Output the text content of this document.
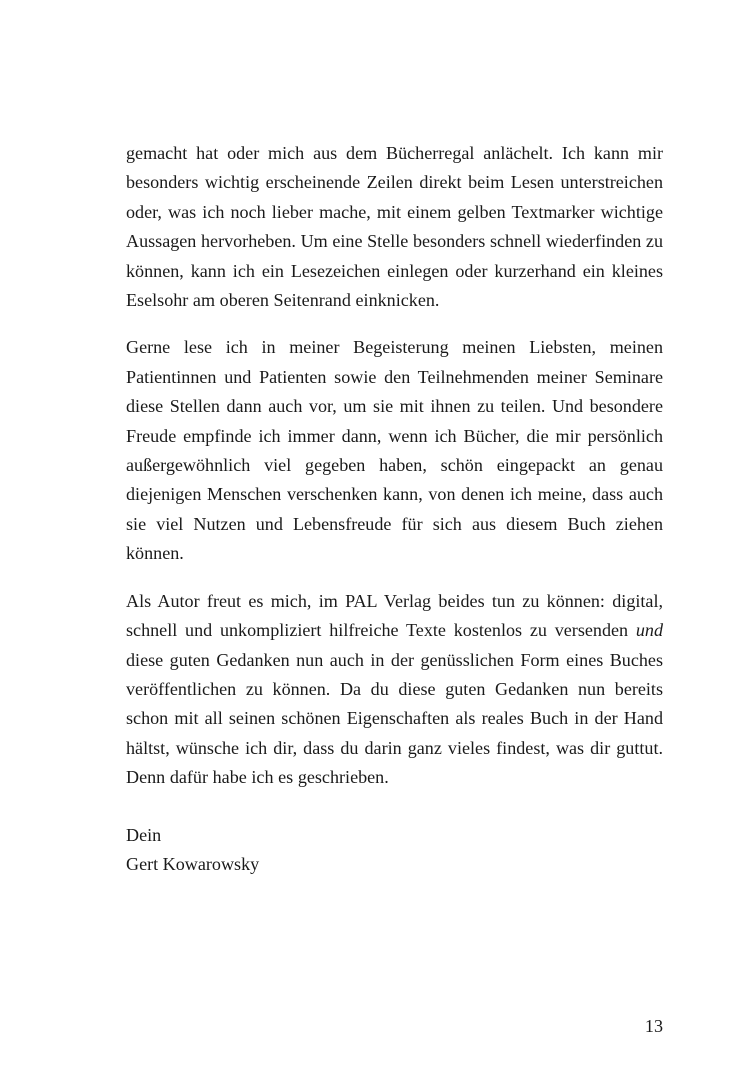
gemacht hat oder mich aus dem Bücherregal anlächelt. Ich kann mir besonders wichtig erscheinende Zeilen direkt beim Lesen unterstreichen oder, was ich noch lieber mache, mit einem gelben Textmarker wichtige Aussagen hervorheben. Um eine Stelle besonders schnell wiederfinden zu können, kann ich ein Lesezeichen einlegen oder kurzerhand ein kleines Eselsohr am oberen Seitenrand einknicken.

Gerne lese ich in meiner Begeisterung meinen Liebsten, meinen Patientinnen und Patienten sowie den Teilnehmenden meiner Seminare diese Stellen dann auch vor, um sie mit ihnen zu teilen. Und besondere Freude empfinde ich immer dann, wenn ich Bücher, die mir persönlich außergewöhnlich viel gegeben haben, schön eingepackt an genau diejenigen Menschen verschenken kann, von denen ich meine, dass auch sie viel Nutzen und Lebensfreude für sich aus diesem Buch ziehen können.

Als Autor freut es mich, im PAL Verlag beides tun zu können: digital, schnell und unkompliziert hilfreiche Texte kostenlos zu versenden und diese guten Gedanken nun auch in der genüsslichen Form eines Buches veröffentlichen zu können. Da du diese guten Gedanken nun bereits schon mit all seinen schönen Eigenschaften als reales Buch in der Hand hältst, wünsche ich dir, dass du darin ganz vieles findest, was dir guttut. Denn dafür habe ich es geschrieben.

Dein
Gert Kowarowsky
13
